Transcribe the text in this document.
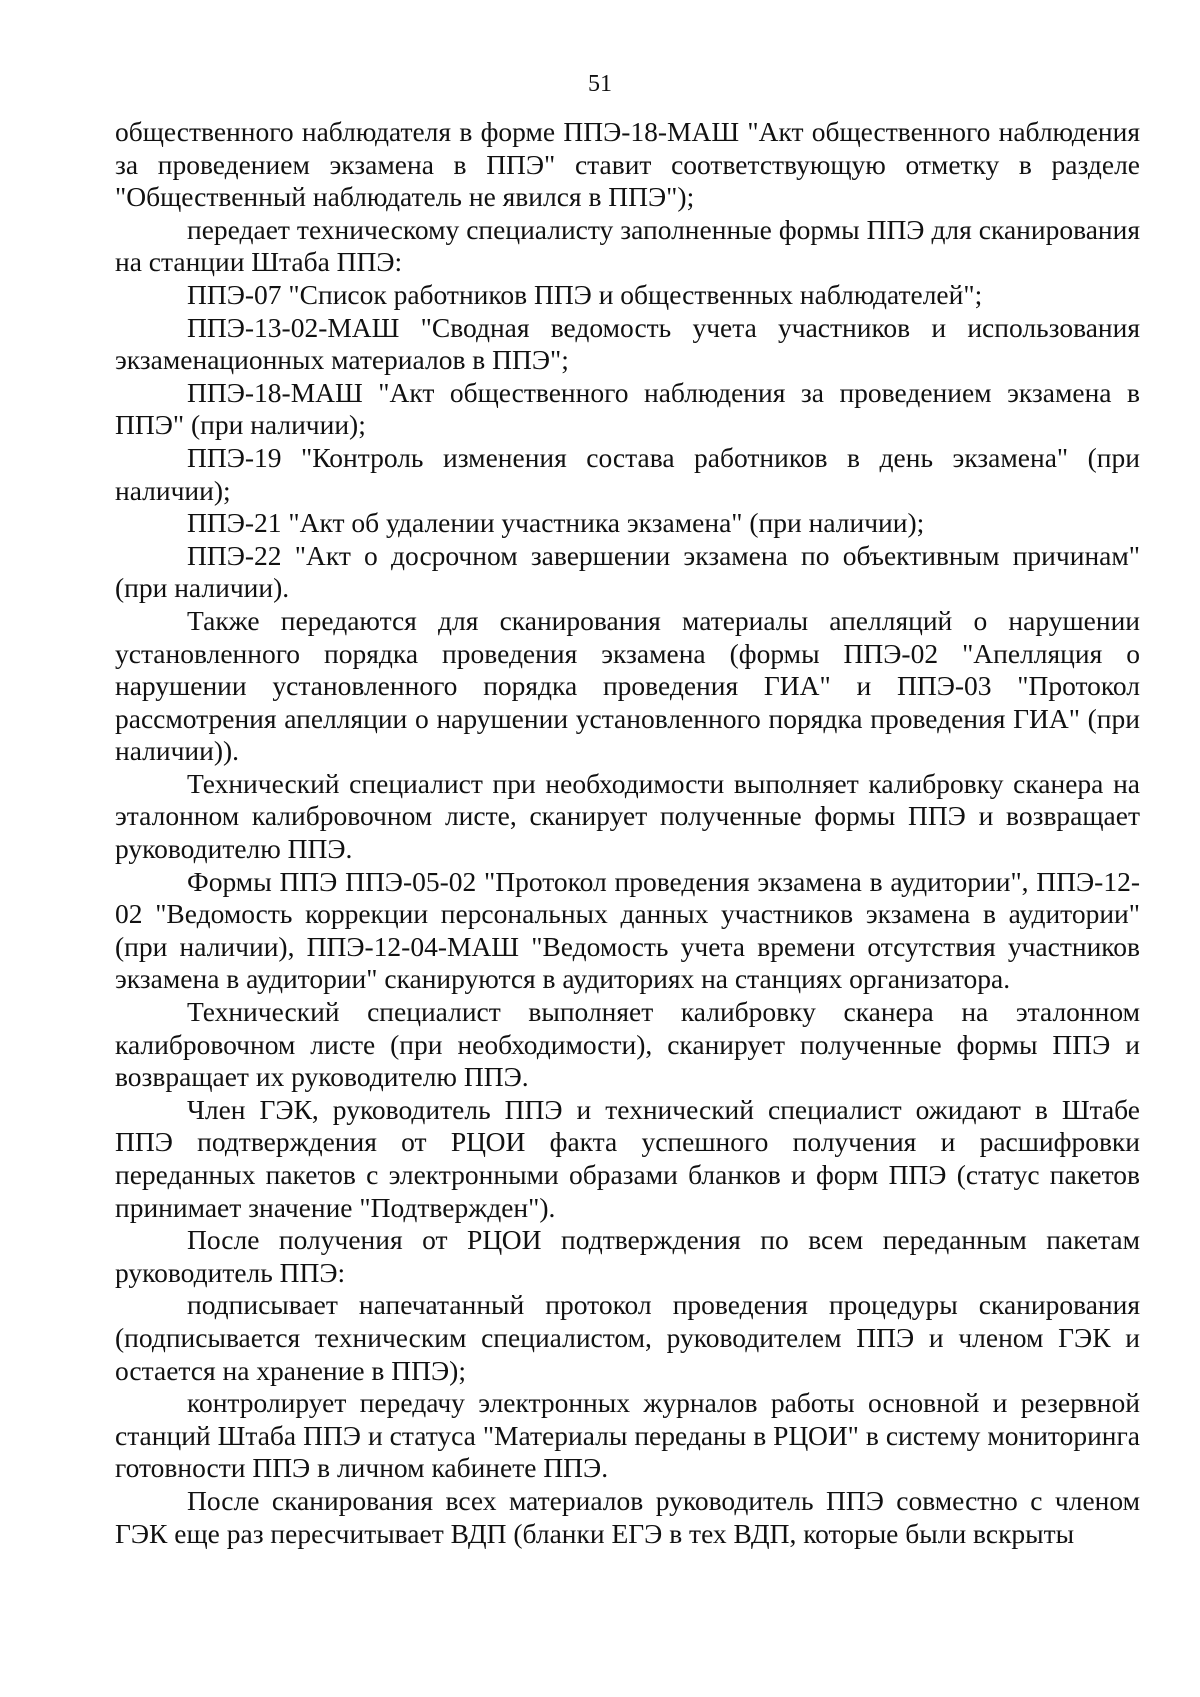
51

общественного наблюдателя в форме ППЭ-18-МАШ "Акт общественного наблюдения за проведением экзамена в ППЭ" ставит соответствующую отметку в разделе "Общественный наблюдатель не явился в ППЭ");

передает техническому специалисту заполненные формы ППЭ для сканирования на станции Штаба ППЭ:

ППЭ-07 "Список работников ППЭ и общественных наблюдателей";

ППЭ-13-02-МАШ "Сводная ведомость учета участников и использования экзаменационных материалов в ППЭ";

ППЭ-18-МАШ "Акт общественного наблюдения за проведением экзамена в ППЭ" (при наличии);

ППЭ-19 "Контроль изменения состава работников в день экзамена" (при наличии);

ППЭ-21 "Акт об удалении участника экзамена" (при наличии);

ППЭ-22 "Акт о досрочном завершении экзамена по объективным причинам" (при наличии).

Также передаются для сканирования материалы апелляций о нарушении установленного порядка проведения экзамена (формы ППЭ-02 "Апелляция о нарушении установленного порядка проведения ГИА" и ППЭ-03 "Протокол рассмотрения апелляции о нарушении установленного порядка проведения ГИА" (при наличии)).

Технический специалист при необходимости выполняет калибровку сканера на эталонном калибровочном листе, сканирует полученные формы ППЭ и возвращает руководителю ППЭ.

Формы ППЭ ППЭ-05-02 "Протокол проведения экзамена в аудитории", ППЭ-12-02 "Ведомость коррекции персональных данных участников экзамена в аудитории" (при наличии), ППЭ-12-04-МАШ "Ведомость учета времени отсутствия участников экзамена в аудитории" сканируются в аудиториях на станциях организатора.

Технический специалист выполняет калибровку сканера на эталонном калибровочном листе (при необходимости), сканирует полученные формы ППЭ и возвращает их руководителю ППЭ.

Член ГЭК, руководитель ППЭ и технический специалист ожидают в Штабе ППЭ подтверждения от РЦОИ факта успешного получения и расшифровки переданных пакетов с электронными образами бланков и форм ППЭ (статус пакетов принимает значение "Подтвержден").

После получения от РЦОИ подтверждения по всем переданным пакетам руководитель ППЭ:

подписывает напечатанный протокол проведения процедуры сканирования (подписывается техническим специалистом, руководителем ППЭ и членом ГЭК и остается на хранение в ППЭ);

контролирует передачу электронных журналов работы основной и резервной станций Штаба ППЭ и статуса "Материалы переданы в РЦОИ" в систему мониторинга готовности ППЭ в личном кабинете ППЭ.

После сканирования всех материалов руководитель ППЭ совместно с членом ГЭК еще раз пересчитывает ВДП (бланки ЕГЭ в тех ВДП, которые были вскрыты
